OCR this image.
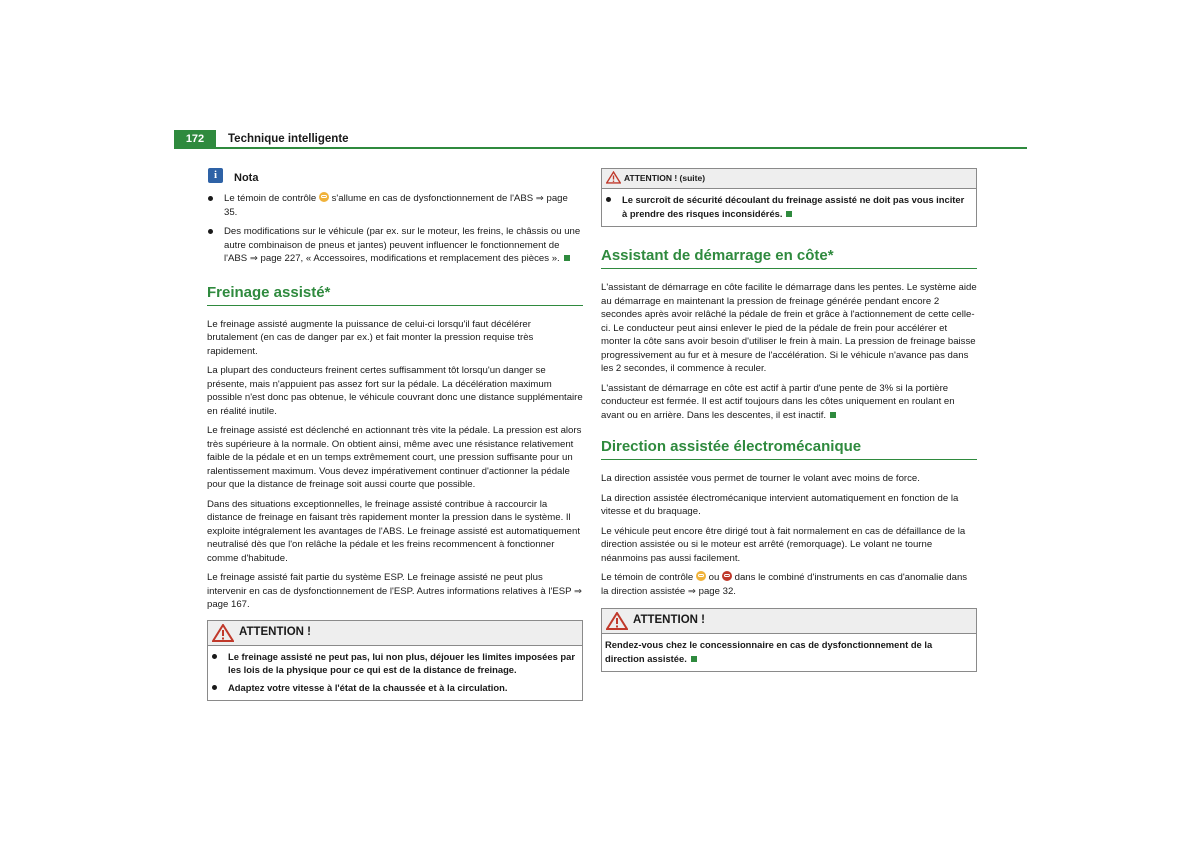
172	Technique intelligente
i	Nota

Le témoin de contrôle s'allume en cas de dysfonctionnement de l'ABS ⇒ page 35.

Des modifications sur le véhicule (par ex. sur le moteur, les freins, le châssis ou une autre combinaison de pneus et jantes) peuvent influencer le fonctionnement de l'ABS ⇒ page 227, « Accessoires, modifications et remplacement des pièces ».

Freinage assisté*

Le freinage assisté augmente la puissance de celui-ci lorsqu'il faut décélérer brutalement (en cas de danger par ex.) et fait monter la pression requise très rapidement.

La plupart des conducteurs freinent certes suffisamment tôt lorsqu'un danger se présente, mais n'appuient pas assez fort sur la pédale. La décélération maximum possible n'est donc pas obtenue, le véhicule couvrant donc une distance supplémentaire en réalité inutile.

Le freinage assisté est déclenché en actionnant très vite la pédale. La pression est alors très supérieure à la normale. On obtient ainsi, même avec une résistance relativement faible de la pédale et en un temps extrêmement court, une pression suffisante pour un ralentissement maximum. Vous devez impérativement continuer d'actionner la pédale pour que la distance de freinage soit aussi courte que possible.

Dans des situations exceptionnelles, le freinage assisté contribue à raccourcir la distance de freinage en faisant très rapidement monter la pression dans le système. Il exploite intégralement les avantages de l'ABS. Le freinage assisté est automatiquement neutralisé dès que l'on relâche la pédale et les freins recommencent à fonctionner comme d'habitude.

Le freinage assisté fait partie du système ESP. Le freinage assisté ne peut plus intervenir en cas de dysfonctionnement de l'ESP. Autres informations relatives à l'ESP ⇒ page 167.

ATTENTION !

Le freinage assisté ne peut pas, lui non plus, déjouer les limites imposées par les lois de la physique pour ce qui est de la distance de freinage.

Adaptez votre vitesse à l'état de la chaussée et à la circulation.

ATTENTION ! (suite)

Le surcroît de sécurité découlant du freinage assisté ne doit pas vous inciter à prendre des risques inconsidérés.

Assistant de démarrage en côte*

L'assistant de démarrage en côte facilite le démarrage dans les pentes. Le système aide au démarrage en maintenant la pression de freinage générée pendant encore 2 secondes après avoir relâché la pédale de frein et grâce à l'actionnement de cette celle-ci. Le conducteur peut ainsi enlever le pied de la pédale de frein pour accélérer et monter la côte sans avoir besoin d'utiliser le frein à main. La pression de freinage baisse progressivement au fur et à mesure de l'accélération. Si le véhicule n'avance pas dans les 2 secondes, il commence à reculer.

L'assistant de démarrage en côte est actif à partir d'une pente de 3% si la portière conducteur est fermée. Il est actif toujours dans les côtes uniquement en roulant en avant ou en arrière. Dans les descentes, il est inactif.

Direction assistée électromécanique

La direction assistée vous permet de tourner le volant avec moins de force.

La direction assistée électromécanique intervient automatiquement en fonction de la vitesse et du braquage.

Le véhicule peut encore être dirigé tout à fait normalement en cas de défaillance de la direction assistée ou si le moteur est arrêté (remorquage). Le volant ne tourne néanmoins pas aussi facilement.

Le témoin de contrôle ou dans le combiné d'instruments en cas d'anomalie dans la direction assistée ⇒ page 32.

ATTENTION !

Rendez-vous chez le concessionnaire en cas de dysfonctionnement de la direction assistée.
